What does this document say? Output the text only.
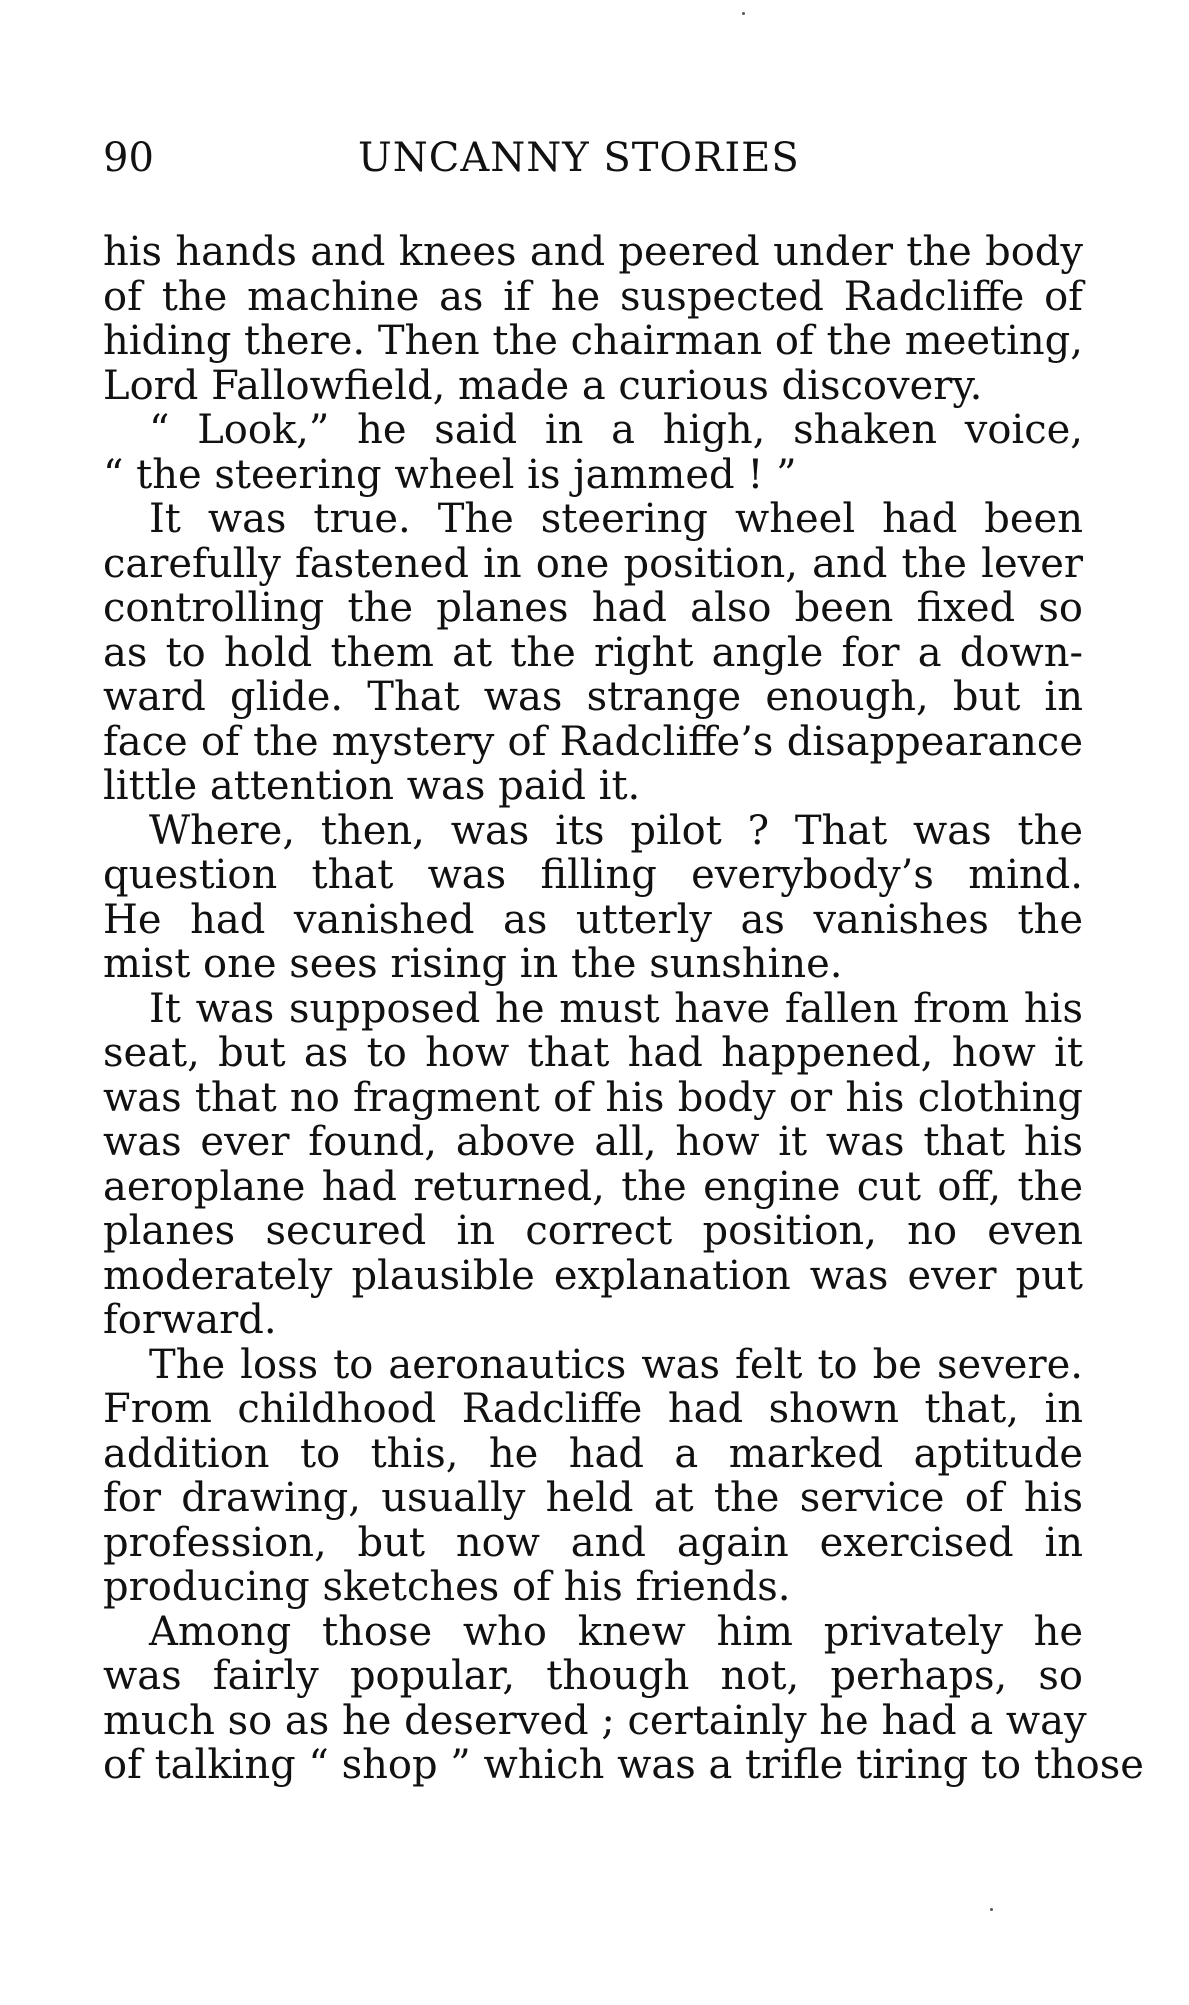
90	UNCANNY STORIES
his hands and knees and peered under the body
of the machine as if he suspected Radcliffe of
hiding there. Then the chairman of the meeting,
Lord Fallowfield, made a curious discovery.
“ Look,” he said in a high, shaken voice,
“ the steering wheel is jammed ! ”
It was true. The steering wheel had been
carefully fastened in one position, and the lever
controlling the planes had also been fixed so
as to hold them at the right angle for a down-
ward glide. That was strange enough, but in
face of the mystery of Radcliffe’s disappearance
little attention was paid it.
Where, then, was its pilot ? That was the
question that was filling everybody’s mind.
He had vanished as utterly as vanishes the
mist one sees rising in the sunshine.
It was supposed he must have fallen from his
seat, but as to how that had happened, how it
was that no fragment of his body or his clothing
was ever found, above all, how it was that his
aeroplane had returned, the engine cut off, the
planes secured in correct position, no even
moderately plausible explanation was ever put
forward.
The loss to aeronautics was felt to be severe.
From childhood Radcliffe had shown that, in
addition to this, he had a marked aptitude
for drawing, usually held at the service of his
profession, but now and again exercised in
producing sketches of his friends.
Among those who knew him privately he
was fairly popular, though not, perhaps, so
much so as he deserved ; certainly he had a way
of talking “ shop ” which was a trifle tiring to those
